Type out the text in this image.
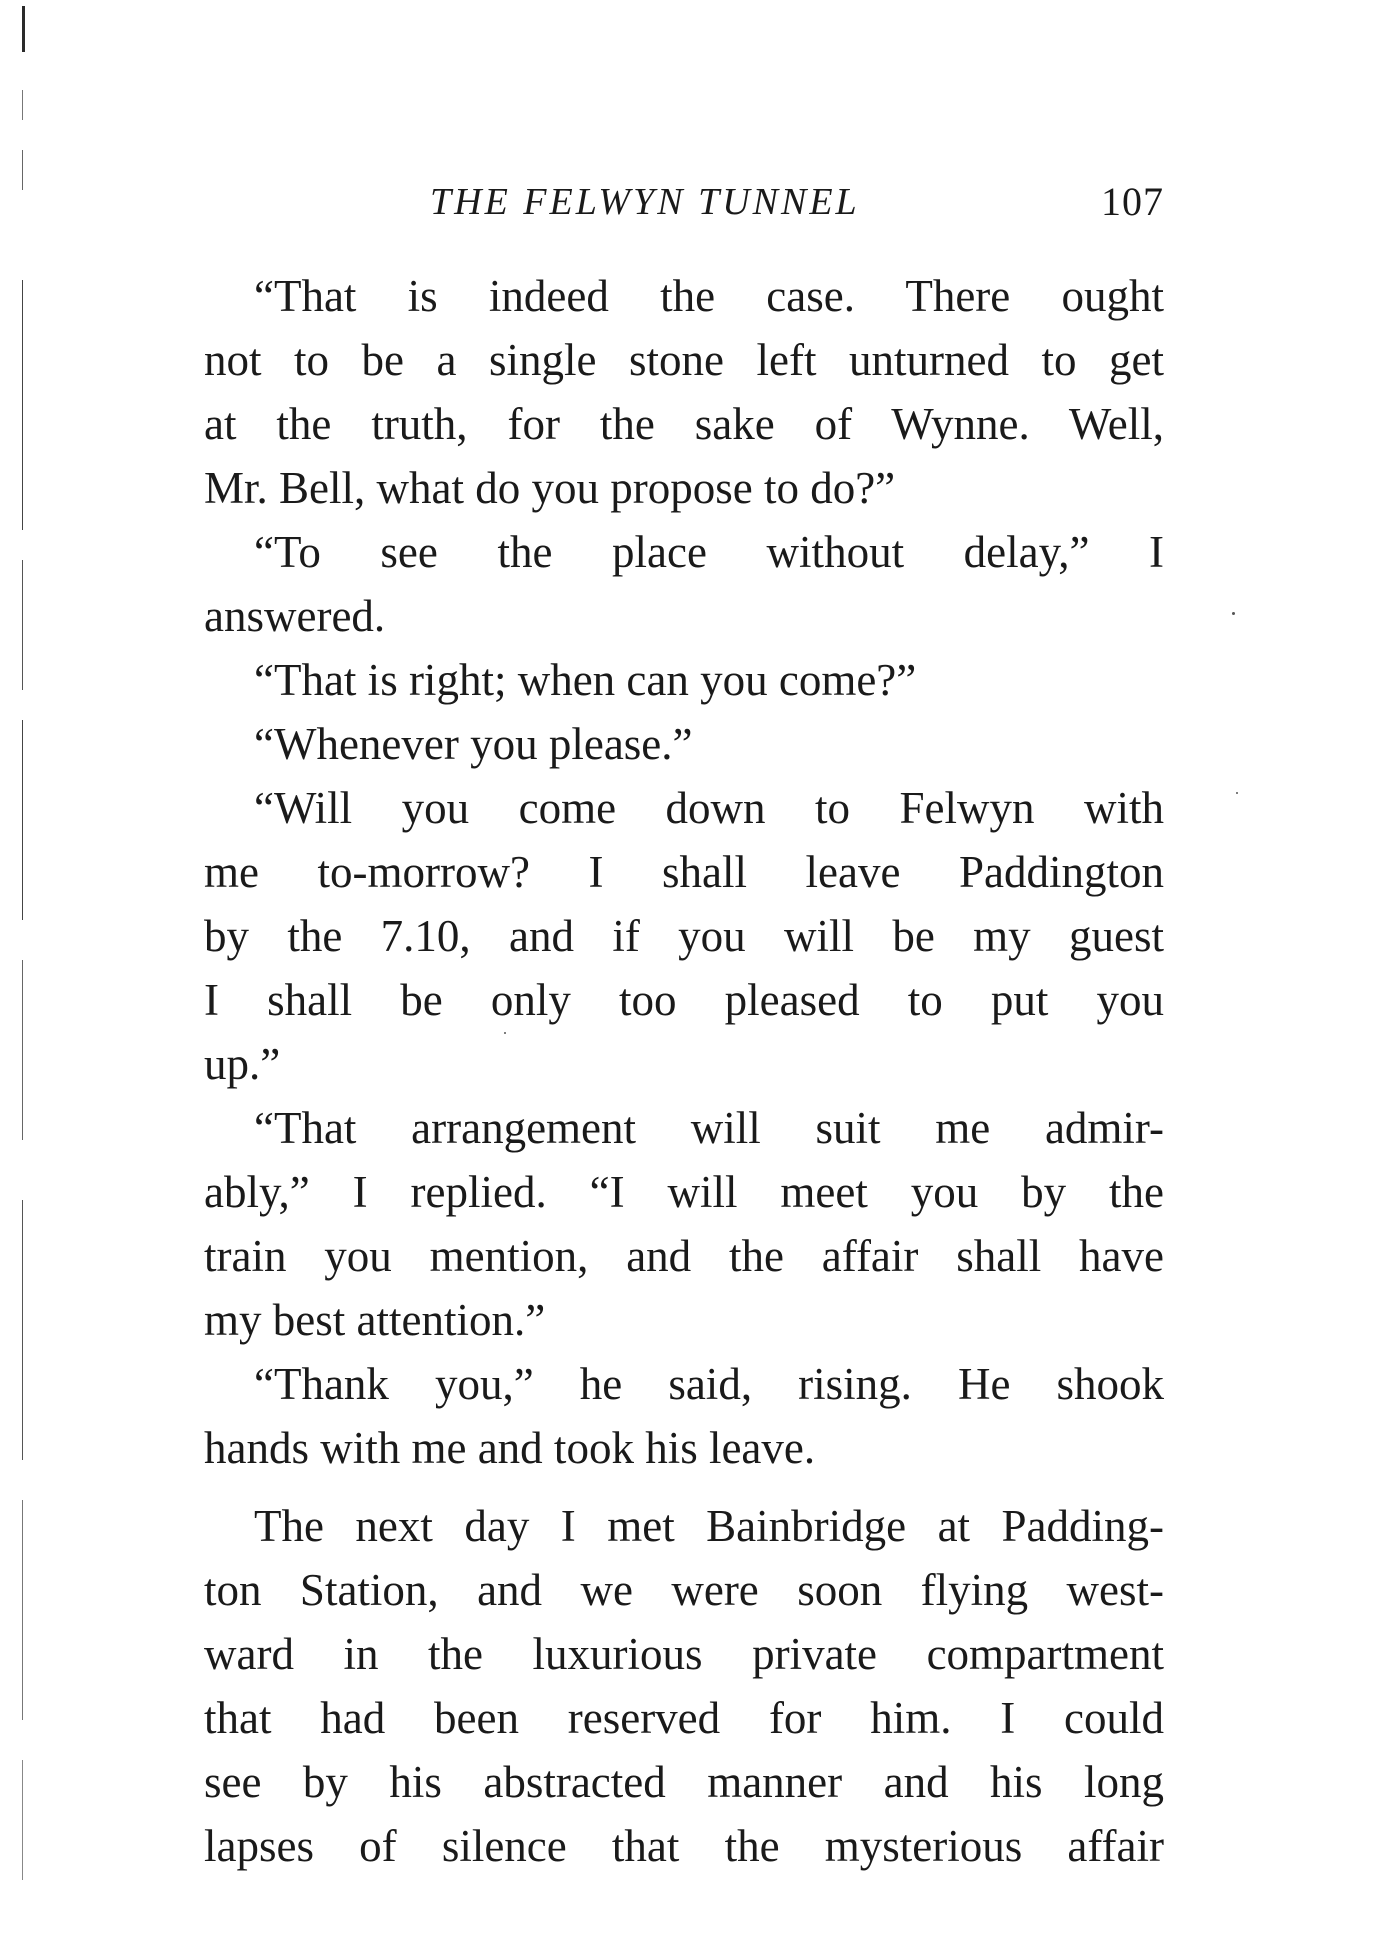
THE FELWYN TUNNEL	107
“That is indeed the case. There ought
not to be a single stone left unturned to get
at the truth, for the sake of Wynne. Well,
Mr. Bell, what do you propose to do?”
“To see the place without delay,” I
answered.
“That is right; when can you come?”
“Whenever you please.”
“Will you come down to Felwyn with
me to-morrow? I shall leave Paddington
by the 7.10, and if you will be my guest
I shall be only too pleased to put you
up.”
“That arrangement will suit me admir-
ably,” I replied. “I will meet you by the
train you mention, and the affair shall have
my best attention.”
“Thank you,” he said, rising. He shook
hands with me and took his leave.
The next day I met Bainbridge at Padding-
ton Station, and we were soon flying west-
ward in the luxurious private compartment
that had been reserved for him. I could
see by his abstracted manner and his long
lapses of silence that the mysterious affair
